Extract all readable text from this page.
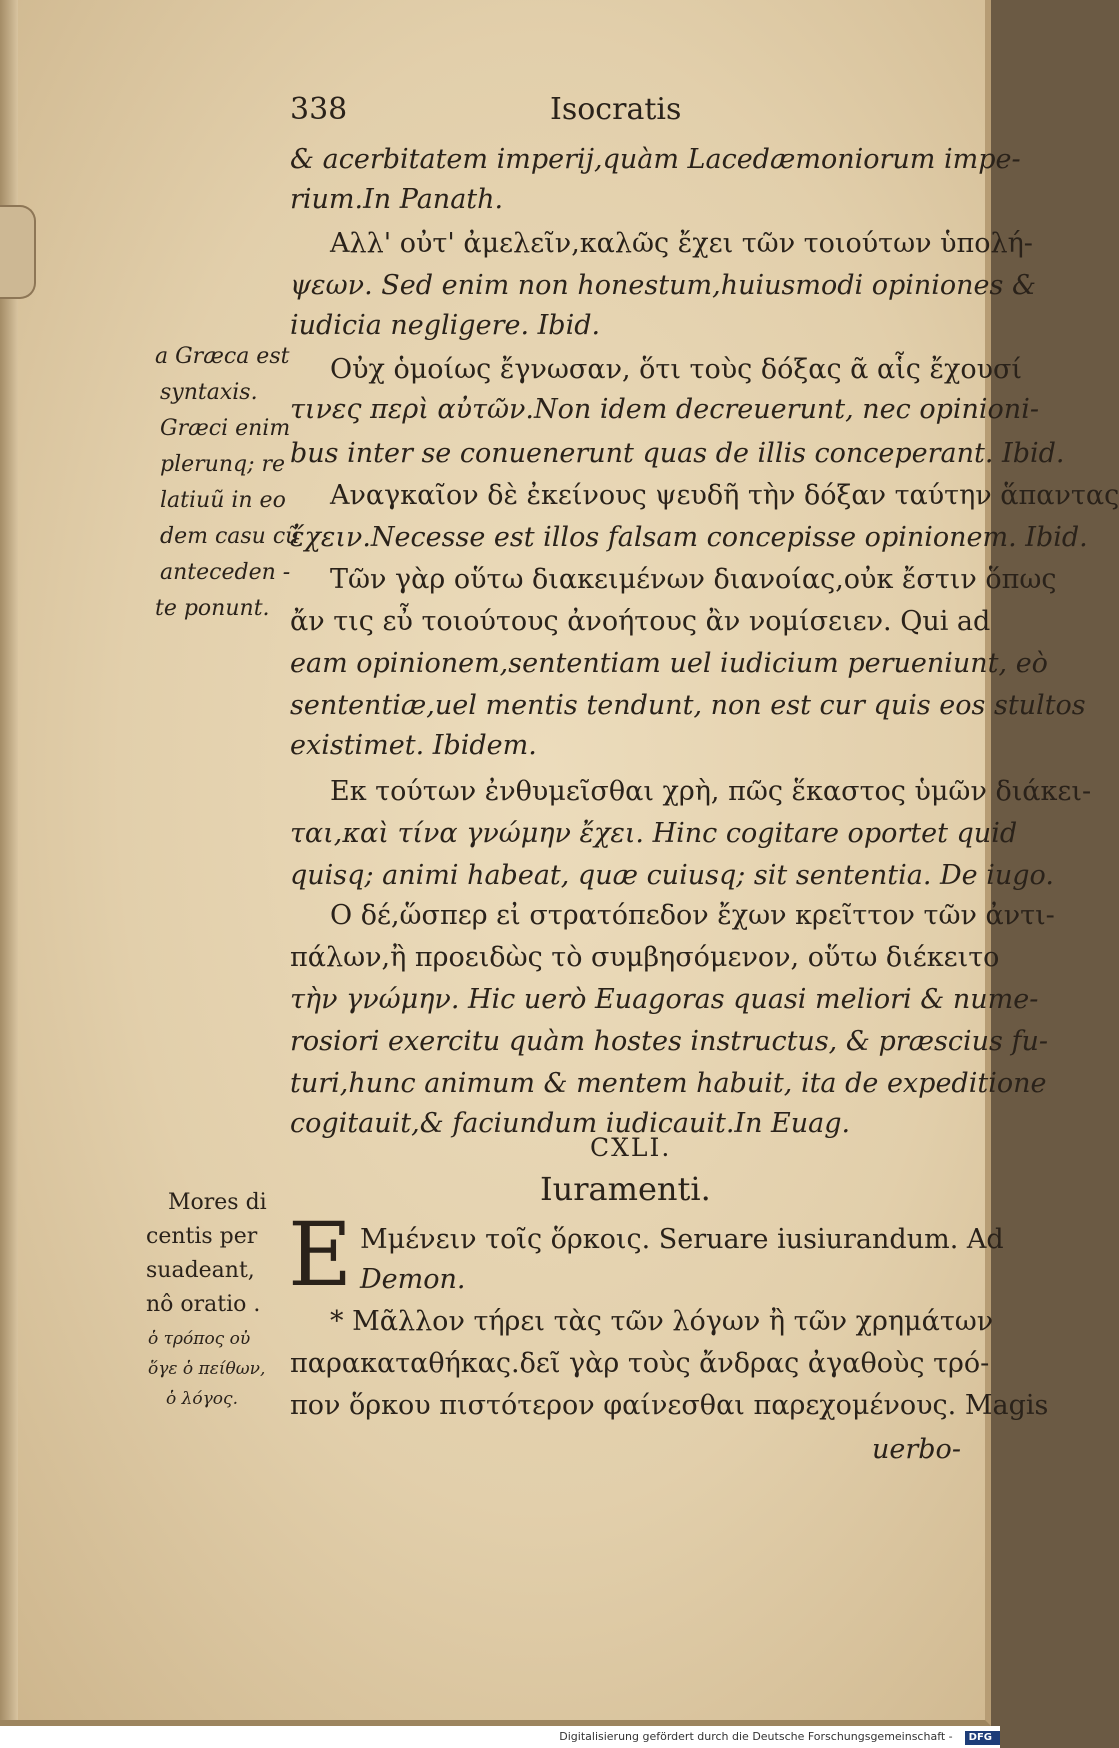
338	Isocratis
& acerbitatem imperij,quàm Lacedæmoniorum impe-
rium.In Panath.
Αλλ' οὐτ' ἀμελεῖν,καλῶς ἔχει τῶν τοιούτων ὑπολή-
ψεων. Sed enim non honestum,huiusmodi opiniones &
iudicia negligere. Ibid.
Οὐχ ὁμοίως ἔγνωσαν, ὅτι τοὺς δόξας ᾶ αἷς ἔχουσί
τινες περὶ αὐτῶν.Non idem decreuerunt, nec opinioni-
bus inter se conuenerunt quas de illis conceperant. Ibid.
Αναγκαῖον δὲ ἐκείνους ψευδῆ τὴν δόξαν ταύτην ἅπαντας
ἔχειν.Necesse est illos falsam concepisse opinionem. Ibid.
Τῶν γὰρ οὕτω διακειμένων διανοίας,οὐκ ἔστιν ὅπως
ἄν τις εὖ τοιούτους ἀνοήτους ἂν νομίσειεν. Qui ad
eam opinionem,sententiam uel iudicium perueniunt, eò
sententiæ,uel mentis tendunt, non est cur quis eos stultos
existimet. Ibidem.
Εκ τούτων ἐνθυμεῖσθαι χρὴ, πῶς ἕκαστος ὑμῶν διάκει-
ται,καὶ τίνα γνώμην ἔχει. Hinc cogitare oportet quid
quisq; animi habeat, quæ cuiusq; sit sententia. De iugo.
Ο δέ,ὥσπερ εἰ στρατόπεδον ἔχων κρεῖττον τῶν ἀντι-
πάλων,ἢ προειδὼς τὸ συμβησόμενον, οὕτω διέκειτο
τὴν γνώμην. Hic uerò Euagoras quasi meliori & nume-
rosiori exercitu quàm hostes instructus, & præscius fu-
turi,hunc animum & mentem habuit, ita de expeditione
cogitauit,& faciundum iudicauit.In Euag.
CXLI.
Iuramenti.
E Μμένειν τοῖς ὅρκοις. Seruare iusiurandum. Ad
Demon.
* Μᾶλλον τήρει τὰς τῶν λόγων ἢ τῶν χρημάτων
παρακαταθήκας.δεῖ γὰρ τοὺς ἄνδρας ἀγαθοὺς τρό-
πον ὅρκου πιστότερον φαίνεσθαι παρεχομένους. Magis
uerbo-
a Græca est
syntaxis.
Græci enim
plerunq; re
latiuũ in eo
dem casu cũ
anteceden -
te ponunt.
Mores di
centis per
suadeant,
nô oratio .
ὁ τρόπος οὐ
ὅγε ὁ πείθων,
ὁ λόγος.
Digitalisierung gefördert durch die Deutsche Forschungsgemeinschaft - DFG
